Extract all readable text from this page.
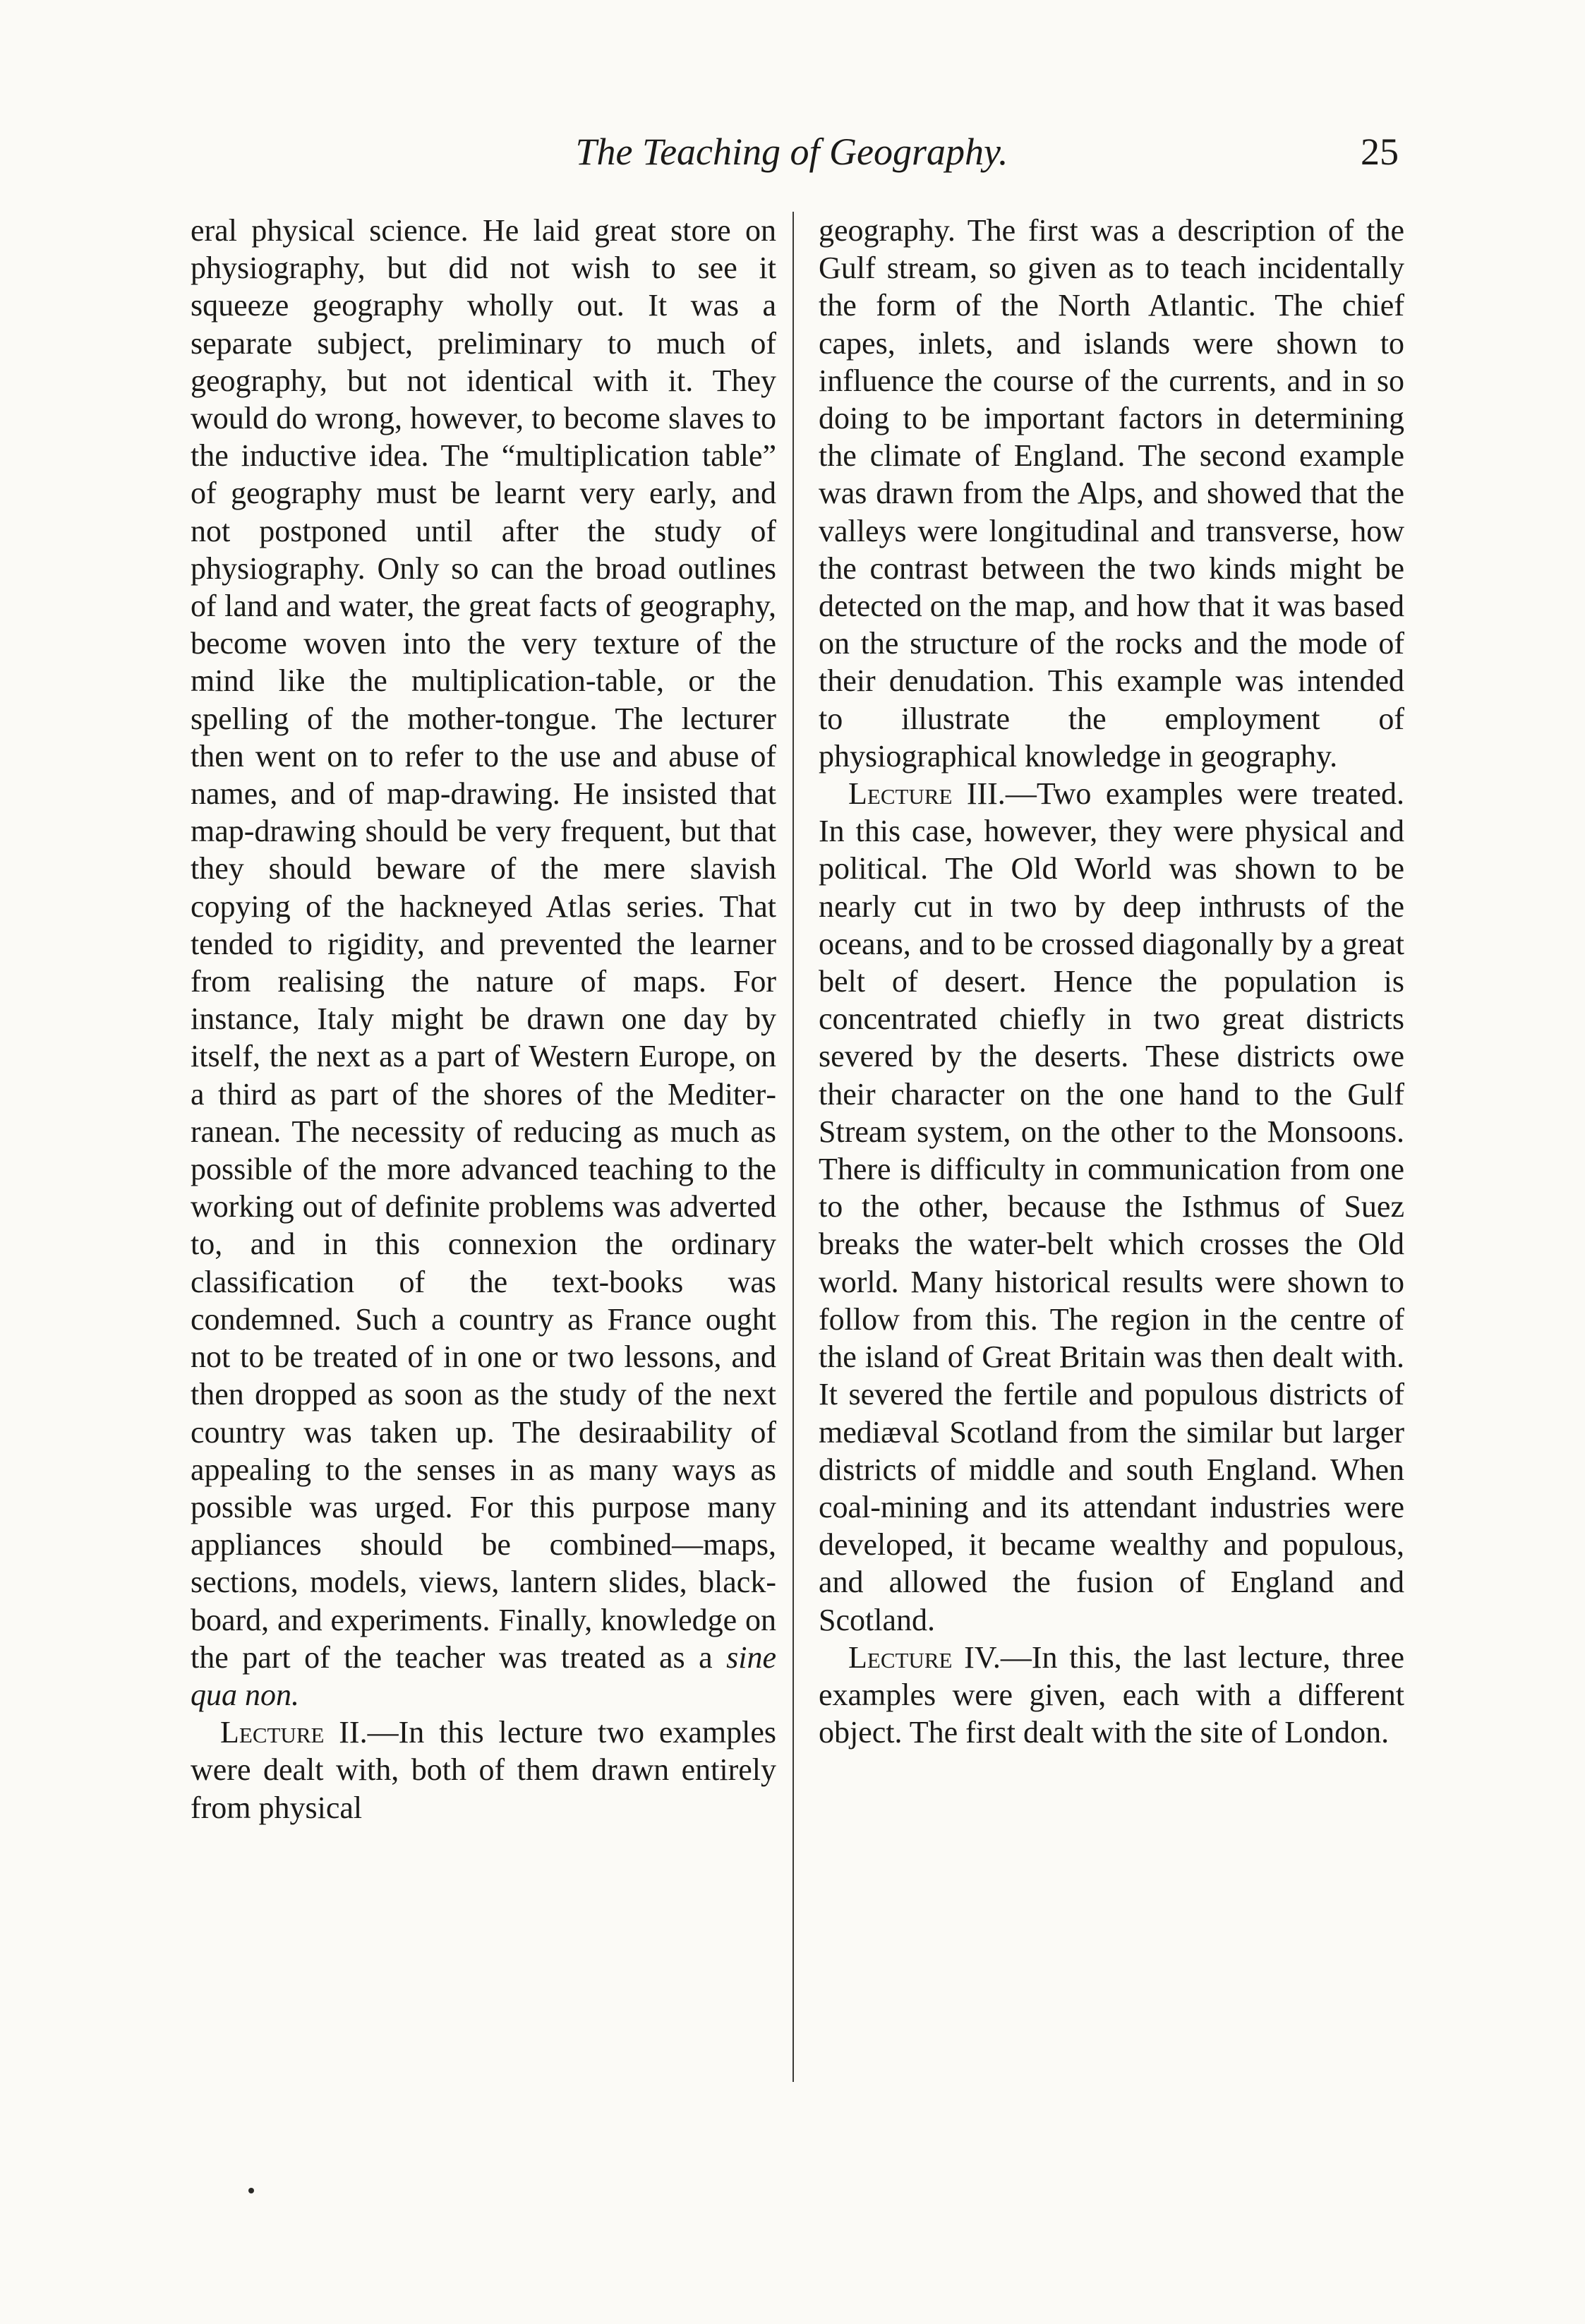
The Teaching of Geography.	25

eral physical science. He laid great store on physiography, but did not wish to see it squeeze geography wholly out. It was a separate subject, preliminary to much of geography, but not identical with it. They would do wrong, however, to become slaves to the inductive idea. The “multiplication table” of geography must be learnt very early, and not postponed until after the study of physiography. Only so can the broad outlines of land and water, the great facts of geography, become woven into the very texture of the mind like the multiplication-table, or the spelling of the mother-tongue. The lecturer then went on to refer to the use and abuse of names, and of map-drawing. He insisted that map-drawing should be very frequent, but that they should beware of the mere slavish copying of the hackneyed Atlas series. That tended to rigidity, and prevented the learner from realising the nature of maps. For instance, Italy might be drawn one day by itself, the next as a part of Western Europe, on a third as part of the shores of the Mediterranean. The necessity of reducing as much as possible of the more advanced teaching to the working out of definite problems was adverted to, and in this connexion the ordinary classification of the text-books was condemned. Such a country as France ought not to be treated of in one or two lessons, and then dropped as soon as the study of the next country was taken up. The desiraability of appealing to the senses in as many ways as possible was urged. For this purpose many appliances should be combined—maps, sections, models, views, lantern slides, blackboard, and experiments. Finally, knowledge on the part of the teacher was treated as a sine qua non.

Lecture II.—In this lecture two examples were dealt with, both of them drawn entirely from physical

geography. The first was a description of the Gulf stream, so given as to teach incidentally the form of the North Atlantic. The chief capes, inlets, and islands were shown to influence the course of the currents, and in so doing to be important factors in determining the climate of England. The second example was drawn from the Alps, and showed that the valleys were longitudinal and transverse, how the contrast between the two kinds might be detected on the map, and how that it was based on the structure of the rocks and the mode of their denudation. This example was intended to illustrate the employment of physiographical knowledge in geography.

Lecture III.—Two examples were treated. In this case, however, they were physical and political. The Old World was shown to be nearly cut in two by deep inthrusts of the oceans, and to be crossed diagonally by a great belt of desert. Hence the population is concentrated chiefly in two great districts severed by the deserts. These districts owe their character on the one hand to the Gulf Stream system, on the other to the Monsoons. There is difficulty in communication from one to the other, because the Isthmus of Suez breaks the water-belt which crosses the Old world. Many historical results were shown to follow from this. The region in the centre of the island of Great Britain was then dealt with. It severed the fertile and populous districts of mediæval Scotland from the similar but larger districts of middle and south England. When coal-mining and its attendant industries were developed, it became wealthy and populous, and allowed the fusion of England and Scotland.

Lecture IV.—In this, the last lecture, three examples were given, each with a different object. The first dealt with the site of London.
